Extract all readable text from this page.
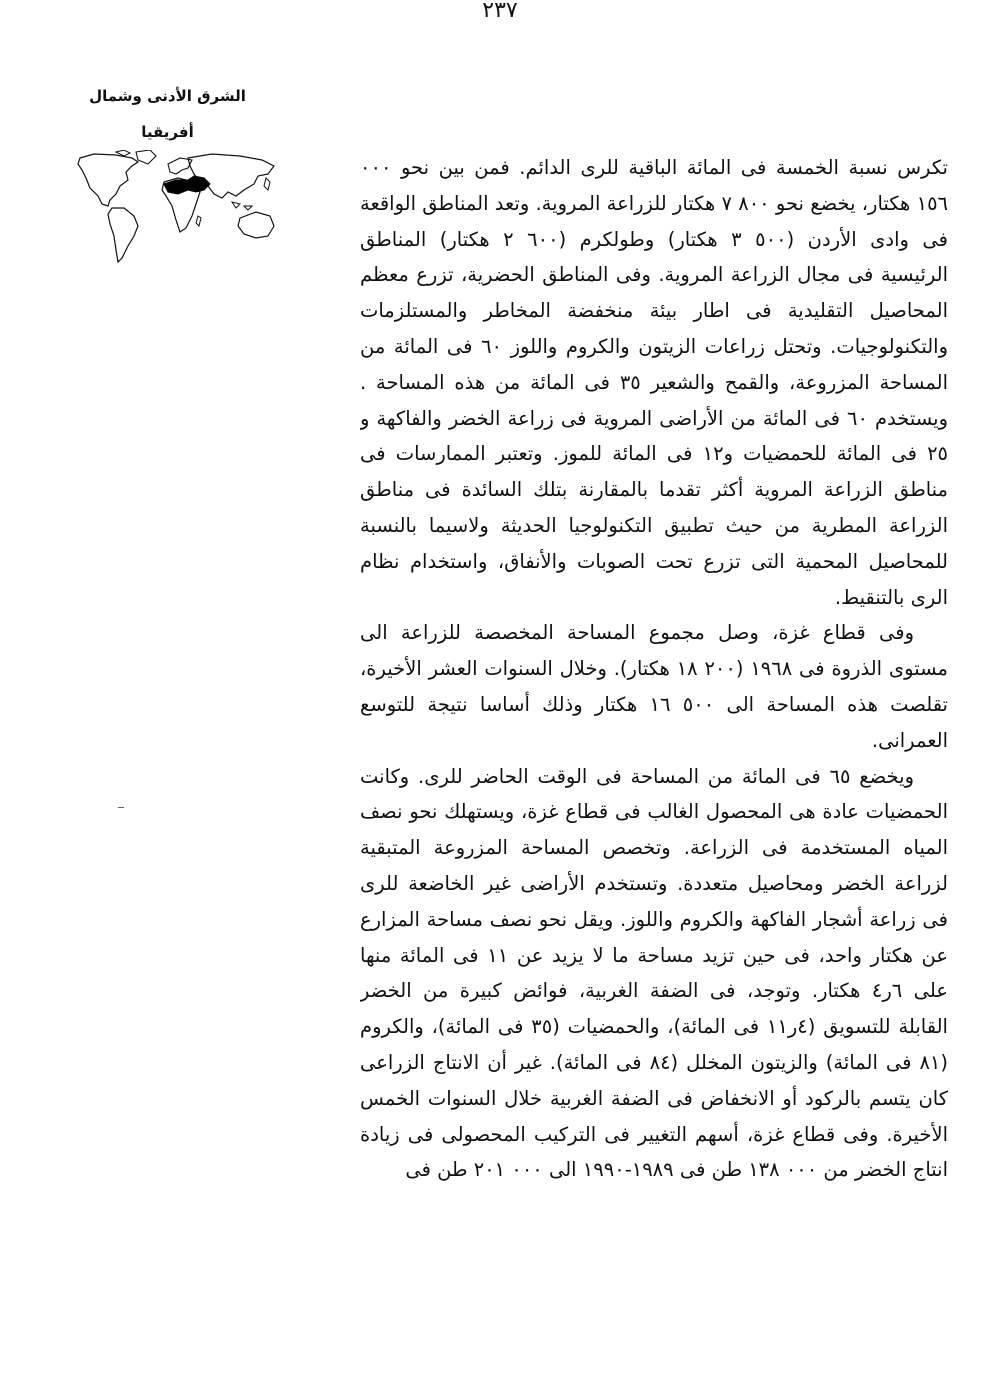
٢٣٧

الشرق الأدنى وشمال
أفريقيا

تكرس نسبة الخمسة فى المائة الباقية للرى الدائم. فمن بين نحو ٠٠٠ ١٥٦ هكتار، يخضع نحو ٨٠٠ ٧ هكتار للزراعة المروية. وتعد المناطق الواقعة فى وادى الأردن (٥٠٠ ٣ هكتار) وطولكرم (٦٠٠ ٢ هكتار) المناطق الرئيسية فى مجال الزراعة المروية. وفى المناطق الحضرية، تزرع معظم المحاصيل التقليدية فى اطار بيئة منخفضة المخاطر والمستلزمات والتكنولوجيات. وتحتل زراعات الزيتون والكروم واللوز ٦٠ فى المائة من المساحة المزروعة، والقمح والشعير ٣٥ فى المائة من هذه المساحة . ويستخدم ٦٠ فى المائة من الأراضى المروية فى زراعة الخضر والفاكهة و ٢٥ فى المائة للحمضيات و١٢ فى المائة للموز. وتعتبر الممارسات فى مناطق الزراعة المروية أكثر تقدما بالمقارنة بتلك السائدة فى مناطق الزراعة المطرية من حيث تطبيق التكنولوجيا الحديثة ولاسيما بالنسبة للمحاصيل المحمية التى تزرع تحت الصوبات والأنفاق، واستخدام نظام الرى بالتنقيط.

وفى قطاع غزة، وصل مجموع المساحة المخصصة للزراعة الى مستوى الذروة فى ١٩٦٨ (٢٠٠ ١٨ هكتار). وخلال السنوات العشر الأخيرة، تقلصت هذه المساحة الى ٥٠٠ ١٦ هكتار وذلك أساسا نتيجة للتوسع العمرانى.

ويخضع ٦٥ فى المائة من المساحة فى الوقت الحاضر للرى. وكانت الحمضيات عادة هى المحصول الغالب فى قطاع غزة، ويستهلك نحو نصف المياه المستخدمة فى الزراعة. وتخصص المساحة المزروعة المتبقية لزراعة الخضر ومحاصيل متعددة. وتستخدم الأراضى غير الخاضعة للرى فى زراعة أشجار الفاكهة والكروم واللوز. ويقل نحو نصف مساحة المزارع عن هكتار واحد، فى حين تزيد مساحة ما لا يزيد عن ١١ فى المائة منها على ٦ر٤ هكتار. وتوجد، فى الضفة الغربية، فوائض كبيرة من الخضر القابلة للتسويق (٤ر١١ فى المائة)، والحمضيات (٣٥ فى المائة)، والكروم (٨١ فى المائة) والزيتون المخلل (٨٤ فى المائة). غير أن الانتاج الزراعى كان يتسم بالركود أو الانخفاض فى الضفة الغربية خلال السنوات الخمس الأخيرة. وفى قطاع غزة، أسهم التغيير فى التركيب المحصولى فى زيادة انتاج الخضر من ٠٠٠ ١٣٨ طن فى ١٩٨٩-١٩٩٠ الى ٠٠٠ ٢٠١ طن فى
